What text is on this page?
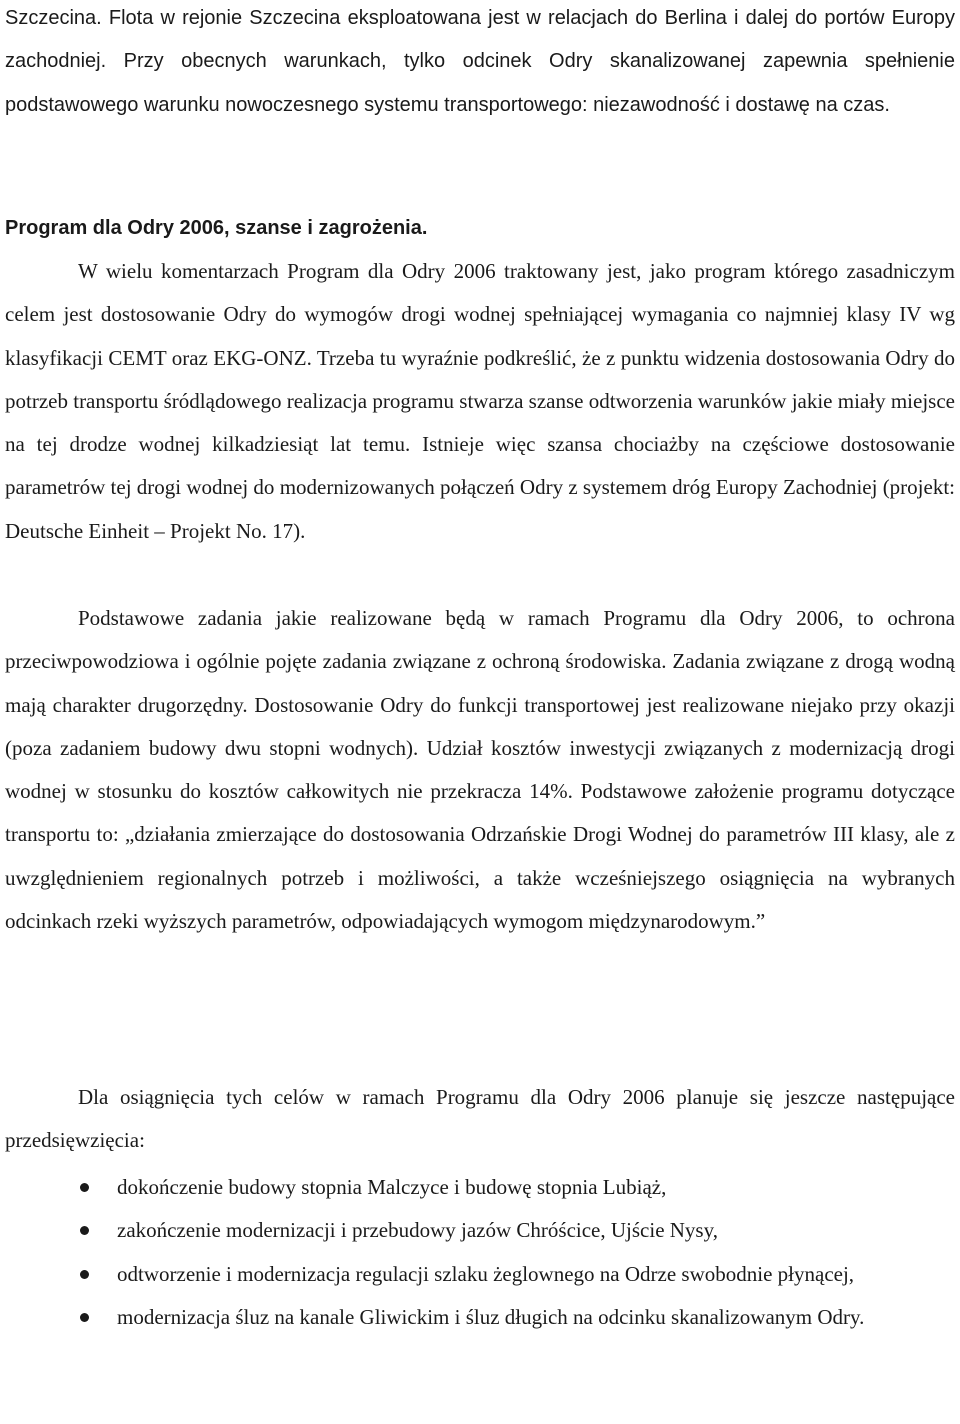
Szczecina. Flota w rejonie Szczecina eksploatowana jest w relacjach do Berlina i dalej do portów Europy zachodniej. Przy obecnych warunkach, tylko odcinek Odry skanalizowanej zapewnia spełnienie podstawowego warunku nowoczesnego systemu transportowego: niezawodność i dostawę na czas.

Program dla Odry 2006, szanse i zagrożenia.

W wielu komentarzach Program dla Odry 2006 traktowany jest, jako program którego zasadniczym celem jest dostosowanie Odry do wymogów drogi wodnej spełniającej wymagania co najmniej klasy IV wg klasyfikacji CEMT oraz EKG-ONZ. Trzeba tu wyraźnie podkreślić, że z punktu widzenia dostosowania Odry do potrzeb transportu śródlądowego realizacja programu stwarza szanse odtworzenia warunków jakie miały miejsce na tej drodze wodnej kilkadziesiąt lat temu. Istnieje więc szansa chociażby na częściowe dostosowanie parametrów tej drogi wodnej do modernizowanych połączeń Odry z systemem dróg Europy Zachodniej (projekt: Deutsche Einheit – Projekt No. 17).

Podstawowe zadania jakie realizowane będą w ramach Programu dla Odry 2006, to ochrona przeciwpowodziowa i ogólnie pojęte zadania związane z ochroną środowiska. Zadania związane z drogą wodną mają charakter drugorzędny. Dostosowanie Odry do funkcji transportowej jest realizowane niejako przy okazji (poza zadaniem budowy dwu stopni wodnych). Udział kosztów inwestycji związanych z modernizacją drogi wodnej w stosunku do kosztów całkowitych nie przekracza 14%. Podstawowe założenie programu dotyczące transportu to: „działania zmierzające do dostosowania Odrzańskie Drogi Wodnej do parametrów III klasy, ale z uwzględnieniem regionalnych potrzeb i możliwości, a także wcześniejszego osiągnięcia na wybranych odcinkach rzeki wyższych parametrów, odpowiadających wymogom międzynarodowym.”

Dla osiągnięcia tych celów w ramach Programu dla Odry 2006 planuje się jeszcze następujące przedsięwzięcia:

dokończenie budowy stopnia Malczyce i budowę stopnia Lubiąż,
zakończenie modernizacji i przebudowy jazów Chróścice, Ujście Nysy,
odtworzenie i modernizacja regulacji szlaku żeglownego na Odrze swobodnie płynącej,
modernizacja śluz na kanale Gliwickim i śluz długich na odcinku skanalizowanym Odry.
